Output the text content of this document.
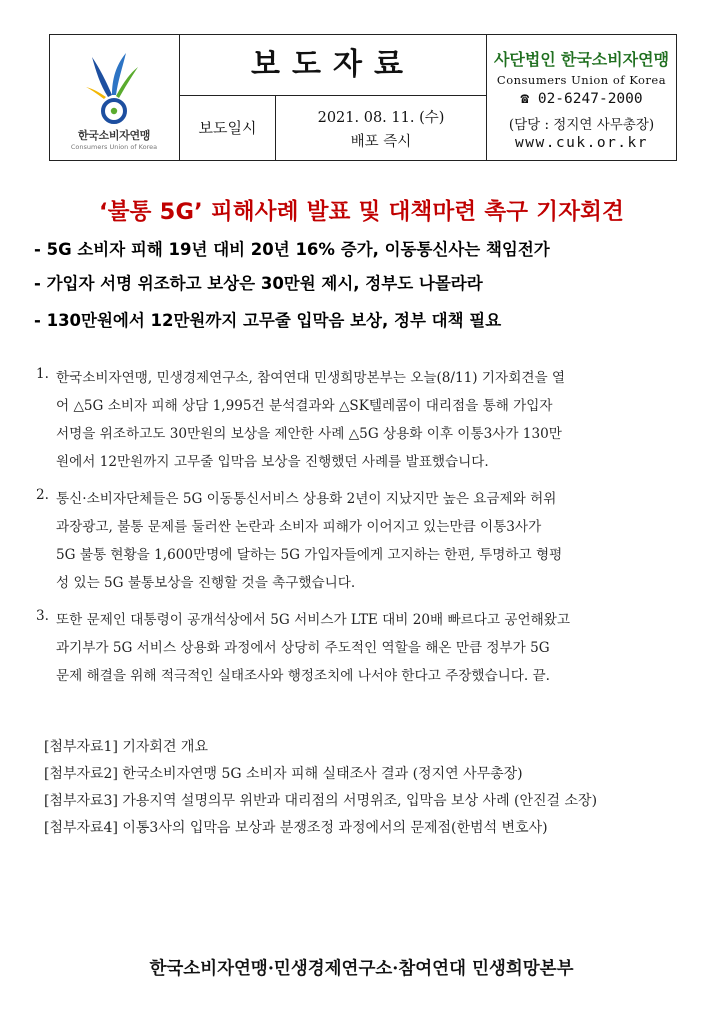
한국소비자연맹
Consumers Union of Korea
보도자료
보도일시
2021. 08. 11. (수)
배포 즉시
사단법인 한국소비자연맹
Consumers Union of Korea
☎ 02-6247-2000
(담당 : 정지연 사무총장)
www.cuk.or.kr
‘불통 5G’ 피해사례 발표 및 대책마련 촉구 기자회견
- 5G 소비자 피해 19년 대비 20년 16% 증가, 이동통신사는 책임전가
- 가입자 서명 위조하고 보상은 30만원 제시, 정부도 나몰라라
- 130만원에서 12만원까지 고무줄 입막음 보상, 정부 대책 필요
1. 한국소비자연맹, 민생경제연구소, 참여연대 민생희망본부는 오늘(8/11) 기자회견을 열
어 △5G 소비자 피해 상담 1,995건 분석결과와 △SK텔레콤이 대리점을 통해 가입자
서명을 위조하고도 30만원의 보상을 제안한 사례 △5G 상용화 이후 이통3사가 130만
원에서 12만원까지 고무줄 입막음 보상을 진행했던 사례를 발표했습니다.
2. 통신·소비자단체들은 5G 이동통신서비스 상용화 2년이 지났지만 높은 요금제와 허위
과장광고, 불통 문제를 둘러싼 논란과 소비자 피해가 이어지고 있는만큼 이통3사가
5G 불통 현황을 1,600만명에 달하는 5G 가입자들에게 고지하는 한편, 투명하고 형평
성 있는 5G 불통보상을 진행할 것을 촉구했습니다.
3. 또한 문제인 대통령이 공개석상에서 5G 서비스가 LTE 대비 20배 빠르다고 공언해왔고
과기부가 5G 서비스 상용화 과정에서 상당히 주도적인 역할을 해온 만큼 정부가 5G
문제 해결을 위해 적극적인 실태조사와 행정조치에 나서야 한다고 주장했습니다. 끝.
[첨부자료1] 기자회견 개요
[첨부자료2] 한국소비자연맹 5G 소비자 피해 실태조사 결과 (정지연 사무총장)
[첨부자료3] 가용지역 설명의무 위반과 대리점의 서명위조, 입막음 보상 사례 (안진걸 소장)
[첨부자료4] 이통3사의 입막음 보상과 분쟁조정 과정에서의 문제점(한범석 변호사)
한국소비자연맹·민생경제연구소·참여연대 민생희망본부
